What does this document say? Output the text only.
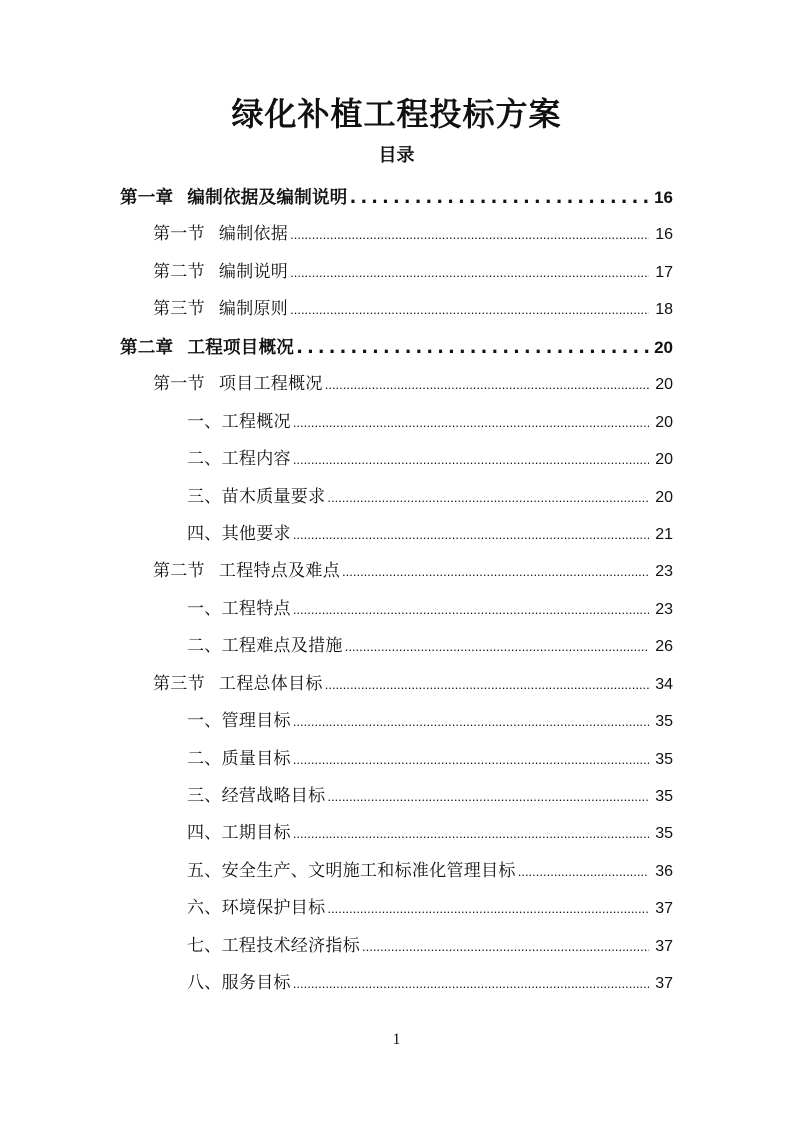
绿化补植工程投标方案
目录
第一章 编制依据及编制说明 .....	16
第一节 编制依据 .....	16
第二节 编制说明 .....	17
第三节 编制原则 .....	18
第二章 工程项目概况 .....	20
第一节 项目工程概况 .....	20
一、工程概况 .....	20
二、工程内容 .....	20
三、苗木质量要求 .....	20
四、其他要求 .....	21
第二节 工程特点及难点 .....	23
一、工程特点 .....	23
二、工程难点及措施 .....	26
第三节 工程总体目标 .....	34
一、管理目标 .....	35
二、质量目标 .....	35
三、经营战略目标 .....	35
四、工期目标 .....	35
五、安全生产、文明施工和标准化管理目标 .....	36
六、环境保护目标 .....	37
七、工程技术经济指标 .....	37
八、服务目标 .....	37
1
